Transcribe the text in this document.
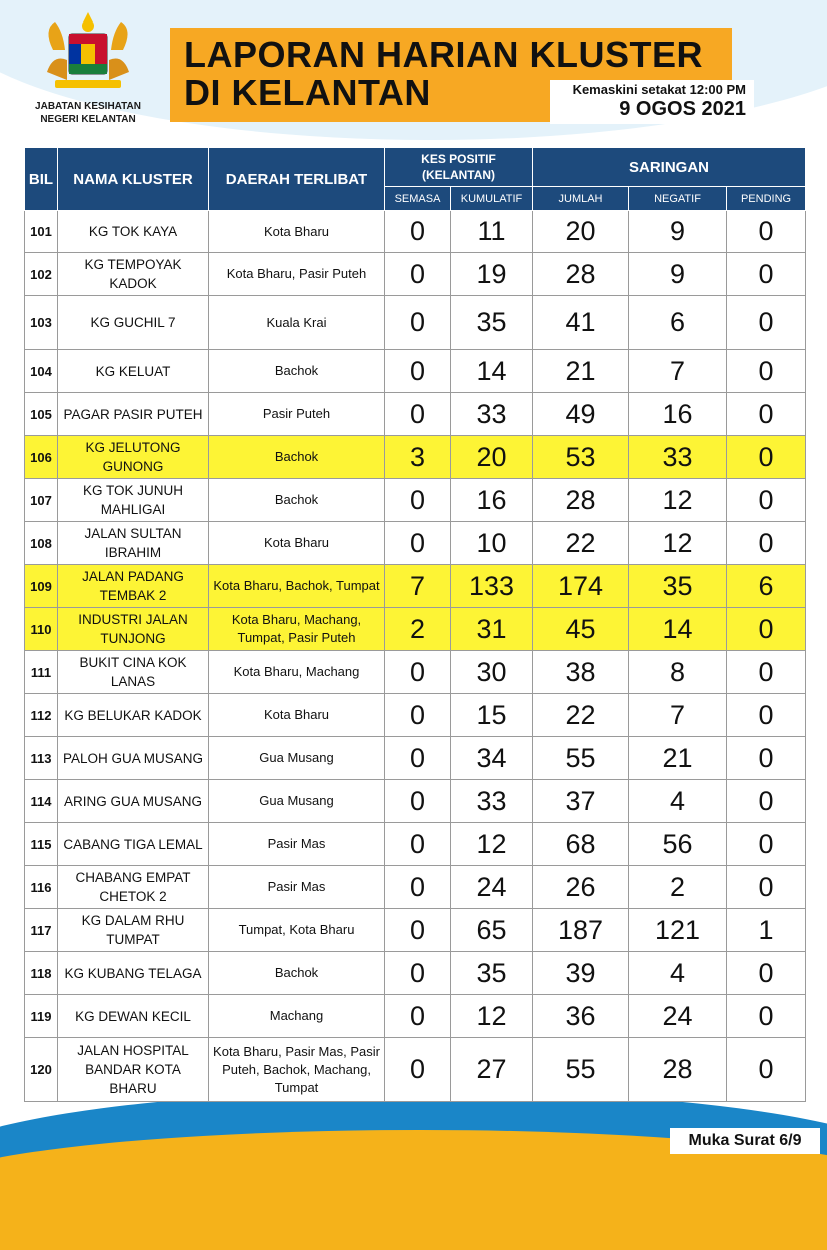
JABATAN KESIHATAN NEGERI KELANTAN
LAPORAN HARIAN KLUSTER
DI KELANTAN	Kemaskini setakat 12:00 PM
9 OGOS 2021
BIL	NAMA KLUSTER	DAERAH TERLIBAT	KES POSITIF (KELANTAN)		SARINGAN		
			SEMASA	KUMULATIF	JUMLAH	NEGATIF	PENDING
101	KG TOK KAYA	Kota Bharu	0	11	20	9	0
102	KG TEMPOYAK KADOK	Kota Bharu, Pasir Puteh	0	19	28	9	0
103	KG GUCHIL 7	Kuala Krai	0	35	41	6	0
104	KG KELUAT	Bachok	0	14	21	7	0
105	PAGAR PASIR PUTEH	Pasir Puteh	0	33	49	16	0
106	KG JELUTONG GUNONG	Bachok	3	20	53	33	0
107	KG TOK JUNUH MAHLIGAI	Bachok	0	16	28	12	0
108	JALAN SULTAN IBRAHIM	Kota Bharu	0	10	22	12	0
109	JALAN PADANG TEMBAK 2	Kota Bharu, Bachok, Tumpat	7	133	174	35	6
110	INDUSTRI JALAN TUNJONG	Kota Bharu, Machang, Tumpat, Pasir Puteh	2	31	45	14	0
111	BUKIT CINA KOK LANAS	Kota Bharu, Machang	0	30	38	8	0
112	KG BELUKAR KADOK	Kota Bharu	0	15	22	7	0
113	PALOH GUA MUSANG	Gua Musang	0	34	55	21	0
114	ARING GUA MUSANG	Gua Musang	0	33	37	4	0
115	CABANG TIGA LEMAL	Pasir Mas	0	12	68	56	0
116	CHABANG EMPAT CHETOK 2	Pasir Mas	0	24	26	2	0
117	KG DALAM RHU TUMPAT	Tumpat, Kota Bharu	0	65	187	121	1
118	KG KUBANG TELAGA	Bachok	0	35	39	4	0
119	KG DEWAN KECIL	Machang	0	12	36	24	0
120	JALAN HOSPITAL BANDAR KOTA BHARU	Kota Bharu, Pasir Mas, Pasir Puteh, Bachok, Machang, Tumpat	0	27	55	28	0
Muka Surat 6/9
